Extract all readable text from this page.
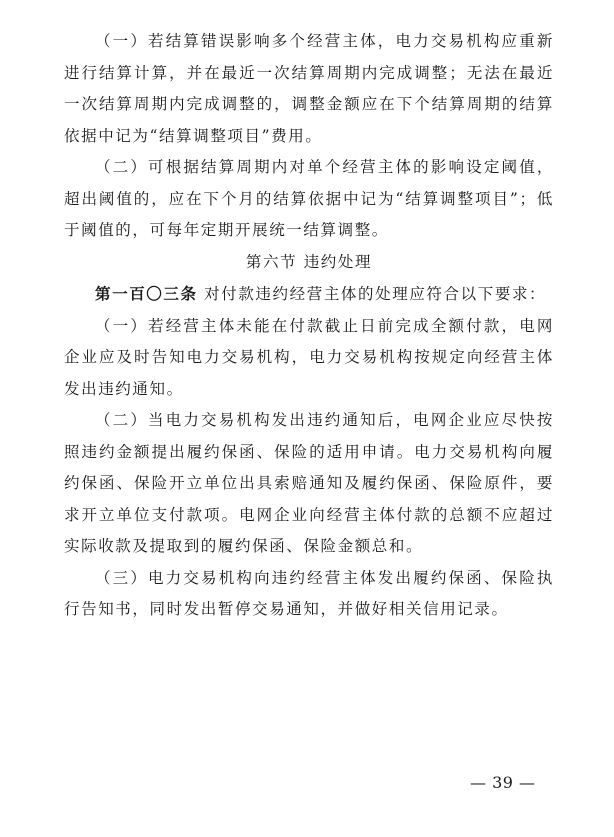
（一）若结算错误影响多个经营主体，电力交易机构应重新进行结算计算，并在最近一次结算周期内完成调整；无法在最近一次结算周期内完成调整的，调整金额应在下个结算周期的结算依据中记为“结算调整项目”费用。

（二）可根据结算周期内对单个经营主体的影响设定阈值，超出阈值的，应在下个月的结算依据中记为“结算调整项目”；低于阈值的，可每年定期开展统一结算调整。

第六节 违约处理

第一百〇三条 对付款违约经营主体的处理应符合以下要求：

（一）若经营主体未能在付款截止日前完成全额付款，电网企业应及时告知电力交易机构，电力交易机构按规定向经营主体发出违约通知。

（二）当电力交易机构发出违约通知后，电网企业应尽快按照违约金额提出履约保函、保险的适用申请。电力交易机构向履约保函、保险开立单位出具索赔通知及履约保函、保险原件，要求开立单位支付款项。电网企业向经营主体付款的总额不应超过实际收款及提取到的履约保函、保险金额总和。

（三）电力交易机构向违约经营主体发出履约保函、保险执行告知书，同时发出暂停交易通知，并做好相关信用记录。

— 39 —
